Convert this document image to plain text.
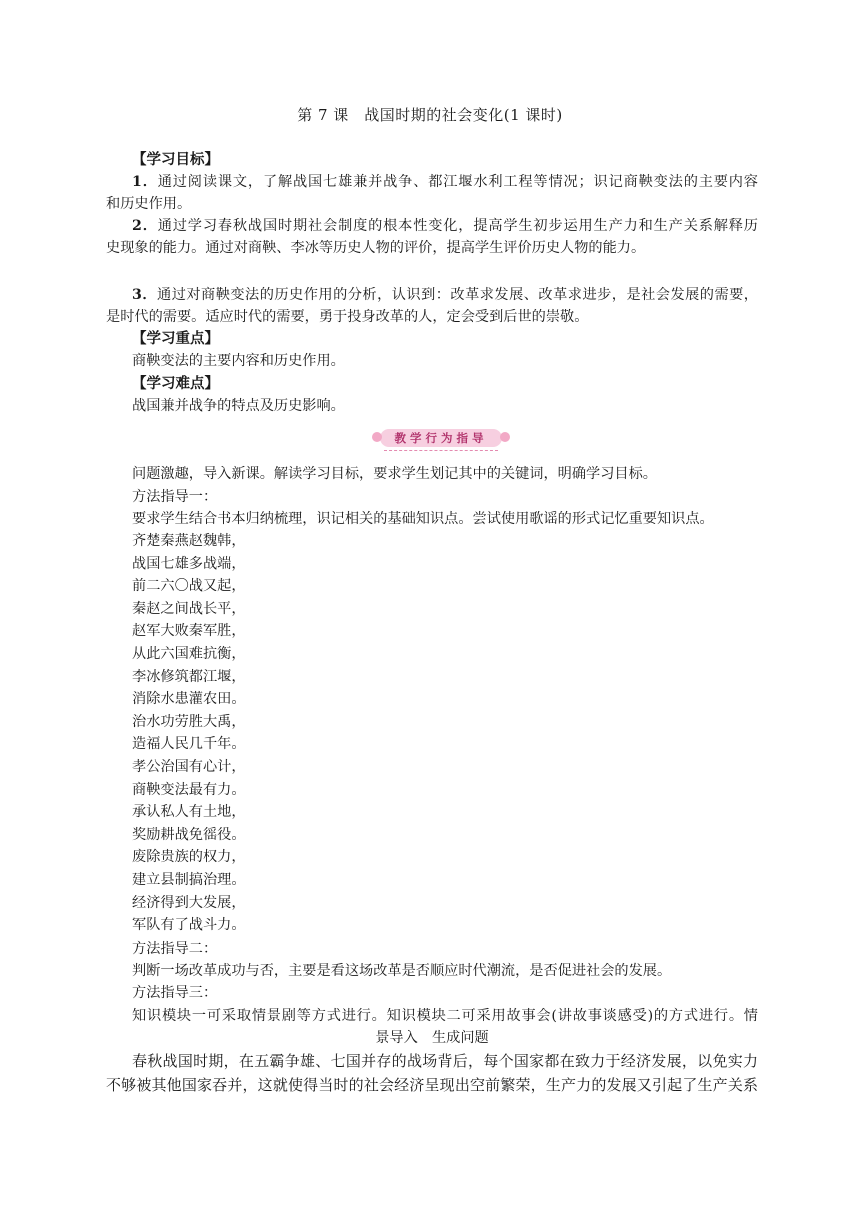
第 7 课　战国时期的社会变化(1 课时)
【学习目标】
1．通过阅读课文，了解战国七雄兼并战争、都江堰水利工程等情况；识记商鞅变法的主要内容
和历史作用。
2．通过学习春秋战国时期社会制度的根本性变化，提高学生初步运用生产力和生产关系解释历
史现象的能力。通过对商鞅、李冰等历史人物的评价，提高学生评价历史人物的能力。
3．通过对商鞅变法的历史作用的分析，认识到：改革求发展、改革求进步，是社会发展的需要，
是时代的需要。适应时代的需要，勇于投身改革的人，定会受到后世的崇敬。
【学习重点】
商鞅变法的主要内容和历史作用。
【学习难点】
战国兼并战争的特点及历史影响。
教学行为指导
问题激趣，导入新课。解读学习目标，要求学生划记其中的关键词，明确学习目标。
方法指导一：
要求学生结合书本归纳梳理，识记相关的基础知识点。尝试使用歌谣的形式记忆重要知识点。
齐楚秦燕赵魏韩，
战国七雄多战端，
前二六〇战又起，
秦赵之间战长平，
赵军大败秦军胜，
从此六国难抗衡，
李冰修筑都江堰，
消除水患灌农田。
治水功劳胜大禹，
造福人民几千年。
孝公治国有心计，
商鞅变法最有力。
承认私人有土地，
奖励耕战免徭役。
废除贵族的权力，
建立县制搞治理。
经济得到大发展，
军队有了战斗力。
方法指导二：
判断一场改革成功与否，主要是看这场改革是否顺应时代潮流，是否促进社会的发展。
方法指导三：
知识模块一可采取情景剧等方式进行。知识模块二可采用故事会(讲故事谈感受)的方式进行。情
景导入　生成问题
春秋战国时期，在五霸争雄、七国并存的战场背后，每个国家都在致力于经济发展，以免实力
不够被其他国家吞并，这就使得当时的社会经济呈现出空前繁荣，生产力的发展又引起了生产关系
